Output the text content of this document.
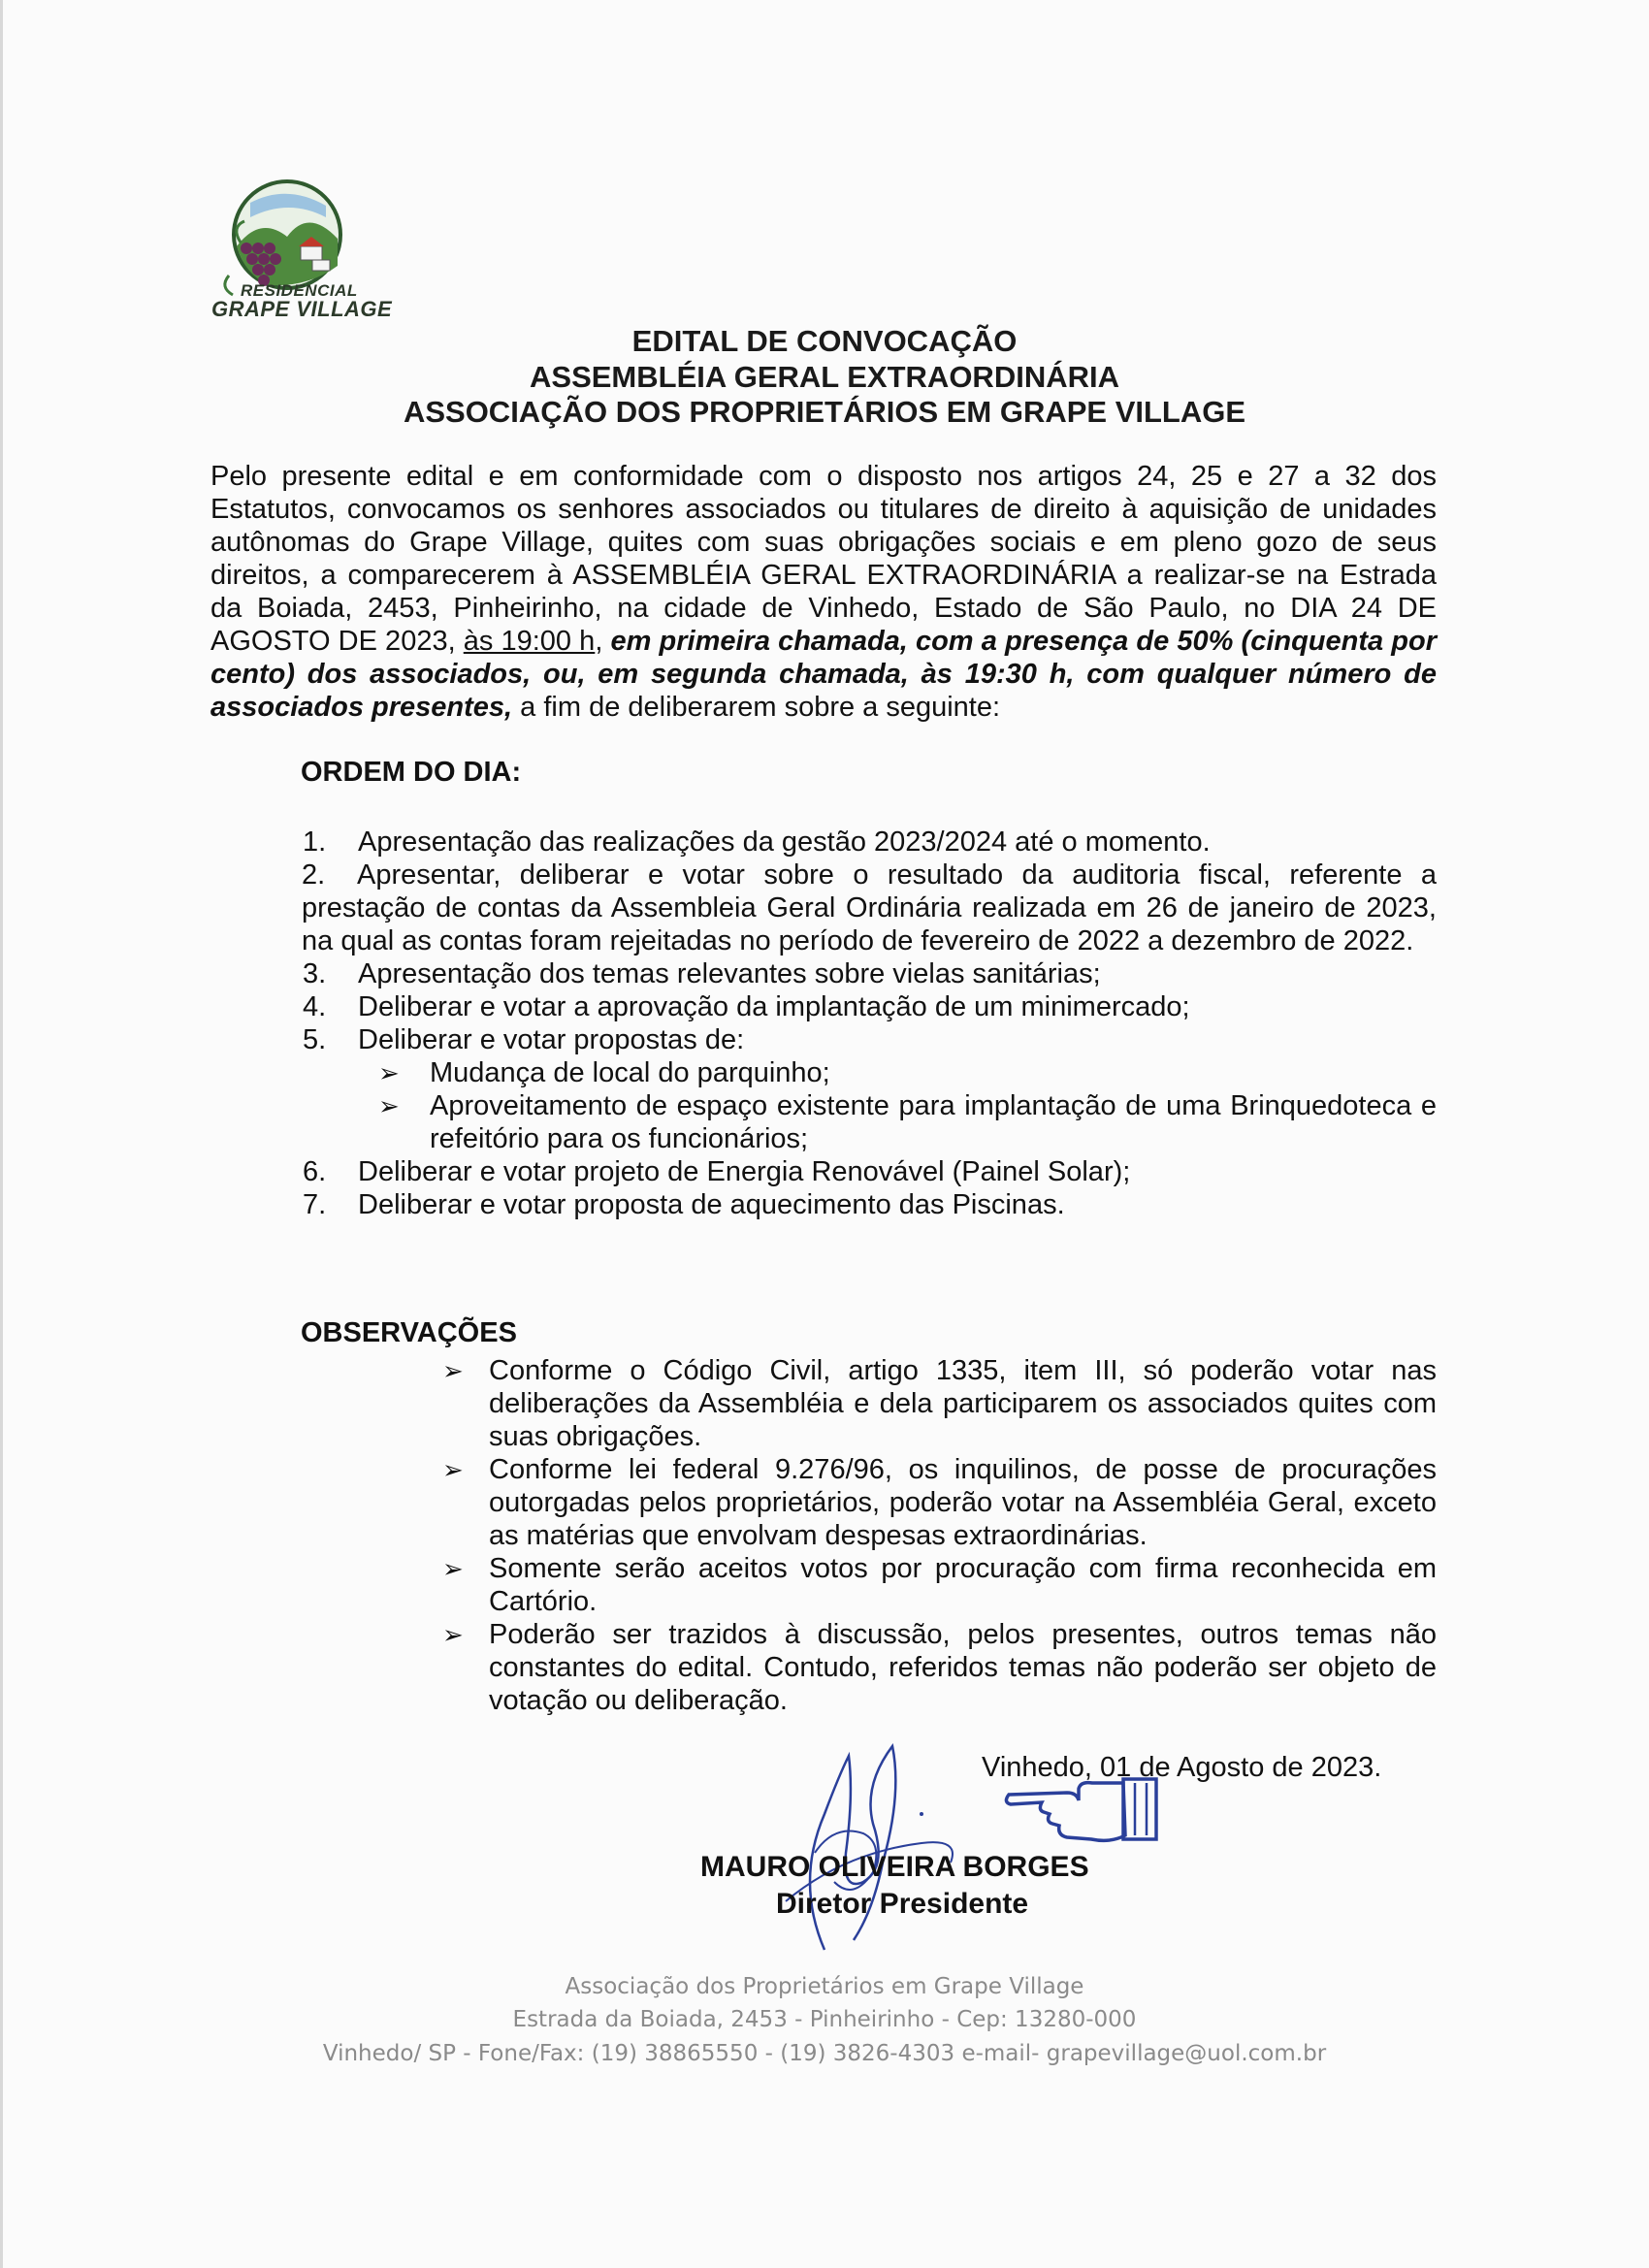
RESIDENCIAL
GRAPE VILLAGE
EDITAL DE CONVOCAÇÃO
ASSEMBLÉIA GERAL EXTRAORDINÁRIA
ASSOCIAÇÃO DOS PROPRIETÁRIOS EM GRAPE VILLAGE
Pelo presente edital e em conformidade com o disposto nos artigos 24, 25 e 27 a 32 dos Estatutos, convocamos os senhores associados ou titulares de direito à aquisição de unidades autônomas do Grape Village, quites com suas obrigações sociais e em pleno gozo de seus direitos, a comparecerem à ASSEMBLÉIA GERAL EXTRAORDINÁRIA a realizar-se na Estrada da Boiada, 2453, Pinheirinho, na cidade de Vinhedo, Estado de São Paulo, no DIA 24 DE AGOSTO DE 2023, às 19:00 h, em primeira chamada, com a presença de 50% (cinquenta por cento) dos associados, ou, em segunda chamada, às 19:30 h, com qualquer número de associados presentes, a fim de deliberarem sobre a seguinte:
ORDEM DO DIA:
1. Apresentação das realizações da gestão 2023/2024 até o momento.
2. Apresentar, deliberar e votar sobre o resultado da auditoria fiscal, referente a prestação de contas da Assembleia Geral Ordinária realizada em 26 de janeiro de 2023, na qual as contas foram rejeitadas no período de fevereiro de 2022 a dezembro de 2022.
3. Apresentação dos temas relevantes sobre vielas sanitárias;
4. Deliberar e votar a aprovação da implantação de um minimercado;
5. Deliberar e votar propostas de:
➢ Mudança de local do parquinho;
➢ Aproveitamento de espaço existente para implantação de uma Brinquedoteca e refeitório para os funcionários;
6. Deliberar e votar projeto de Energia Renovável (Painel Solar);
7. Deliberar e votar proposta de aquecimento das Piscinas.
OBSERVAÇÕES
➢ Conforme o Código Civil, artigo 1335, item III, só poderão votar nas deliberações da Assembléia e dela participarem os associados quites com suas obrigações.
➢ Conforme lei federal 9.276/96, os inquilinos, de posse de procurações outorgadas pelos proprietários, poderão votar na Assembléia Geral, exceto as matérias que envolvam despesas extraordinárias.
➢ Somente serão aceitos votos por procuração com firma reconhecida em Cartório.
➢ Poderão ser trazidos à discussão, pelos presentes, outros temas não constantes do edital. Contudo, referidos temas não poderão ser objeto de votação ou deliberação.
Vinhedo, 01 de Agosto de 2023.
MAURO OLIVEIRA BORGES
Diretor Presidente
Associação dos Proprietários em Grape Village
Estrada da Boiada, 2453 - Pinheirinho - Cep: 13280-000
Vinhedo/ SP - Fone/Fax: (19) 38865550 - (19) 3826-4303 e-mail- grapevillage@uol.com.br
